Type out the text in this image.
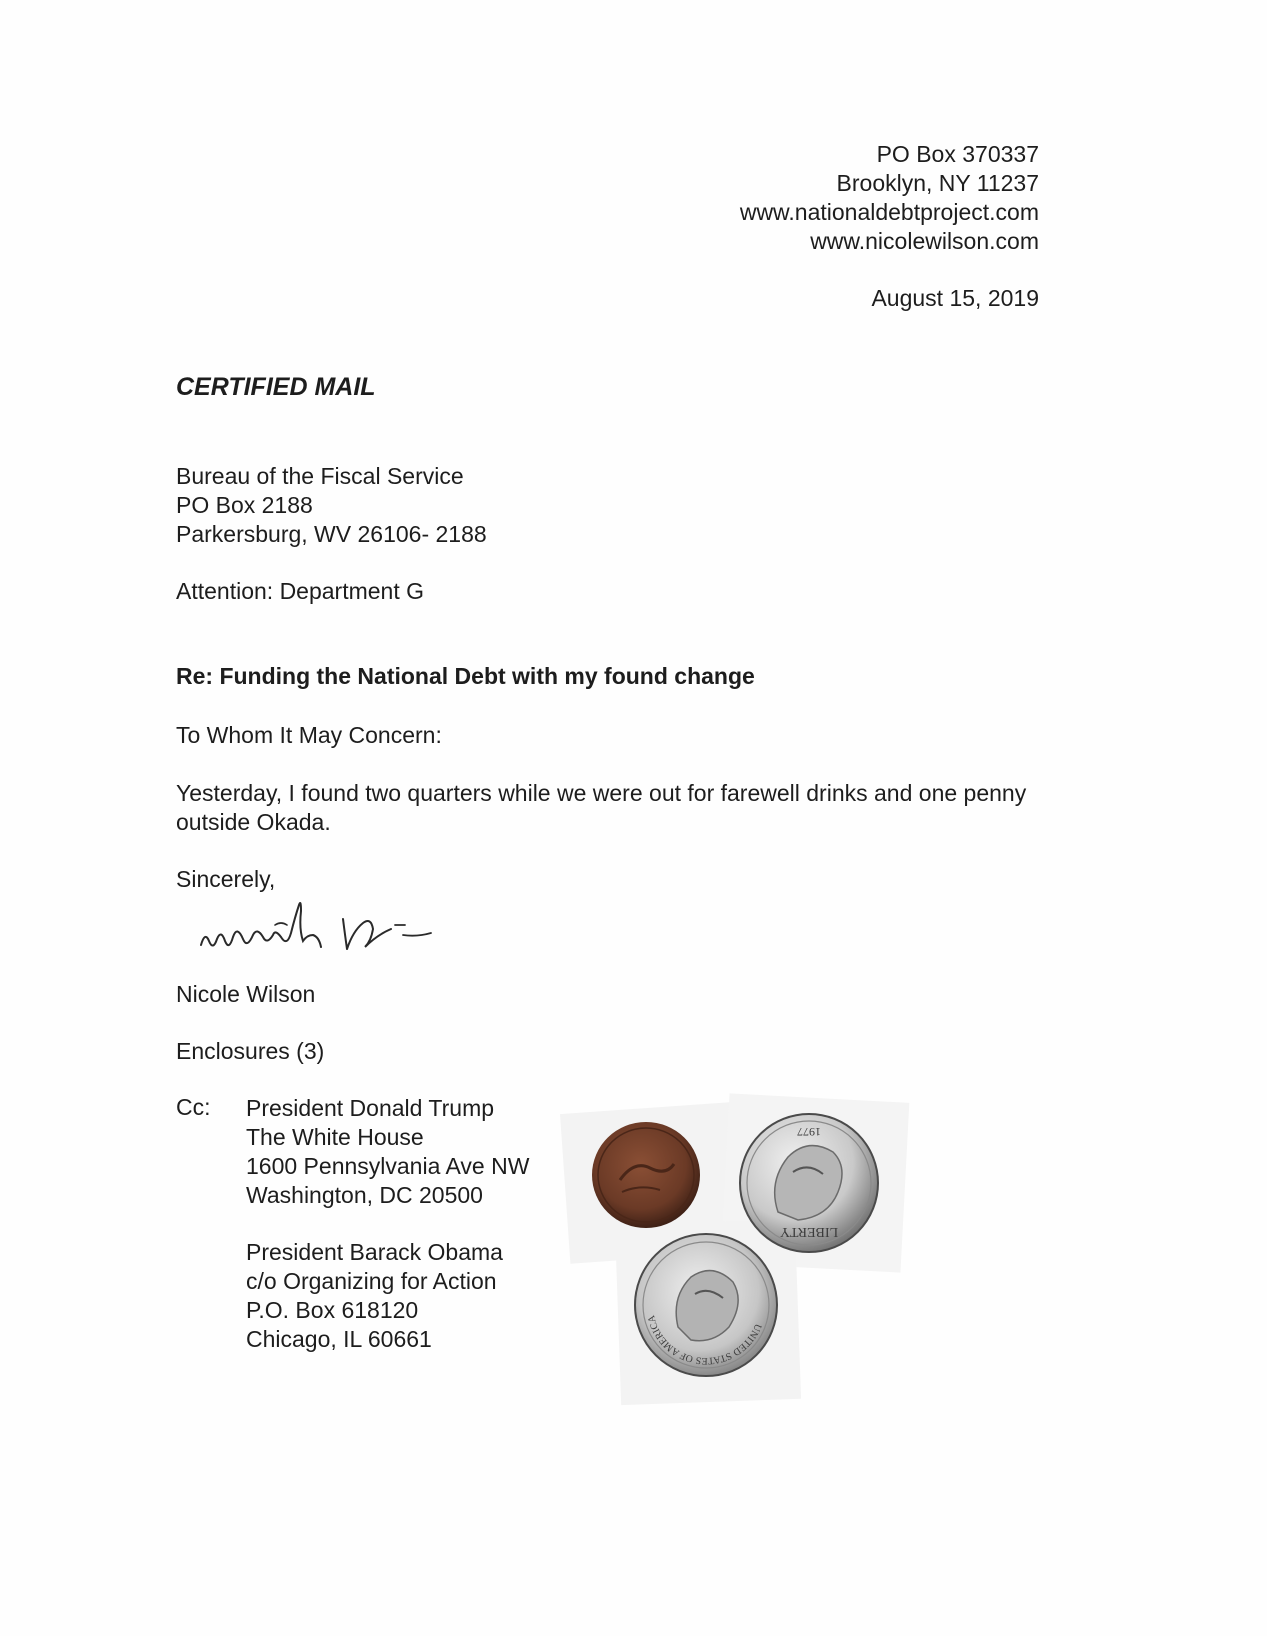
PO Box 370337
Brooklyn, NY 11237
www.nationaldebtproject.com
www.nicolewilson.com
August 15, 2019
CERTIFIED MAIL
Bureau of the Fiscal Service
PO Box 2188
Parkersburg, WV 26106- 2188
Attention: Department G
Re: Funding the National Debt with my found change
To Whom It May Concern:
Yesterday, I found two quarters while we were out for farewell drinks and one penny outside Okada.
Sincerely,
Nicole Wilson
Enclosures (3)
Cc: President Donald Trump
The White House
1600 Pennsylvania Ave NW
Washington, DC 20500
President Barack Obama
c/o Organizing for Action
P.O. Box 618120
Chicago, IL 60661
LIBERTY
1977
UNITED STATES OF AMERICA
